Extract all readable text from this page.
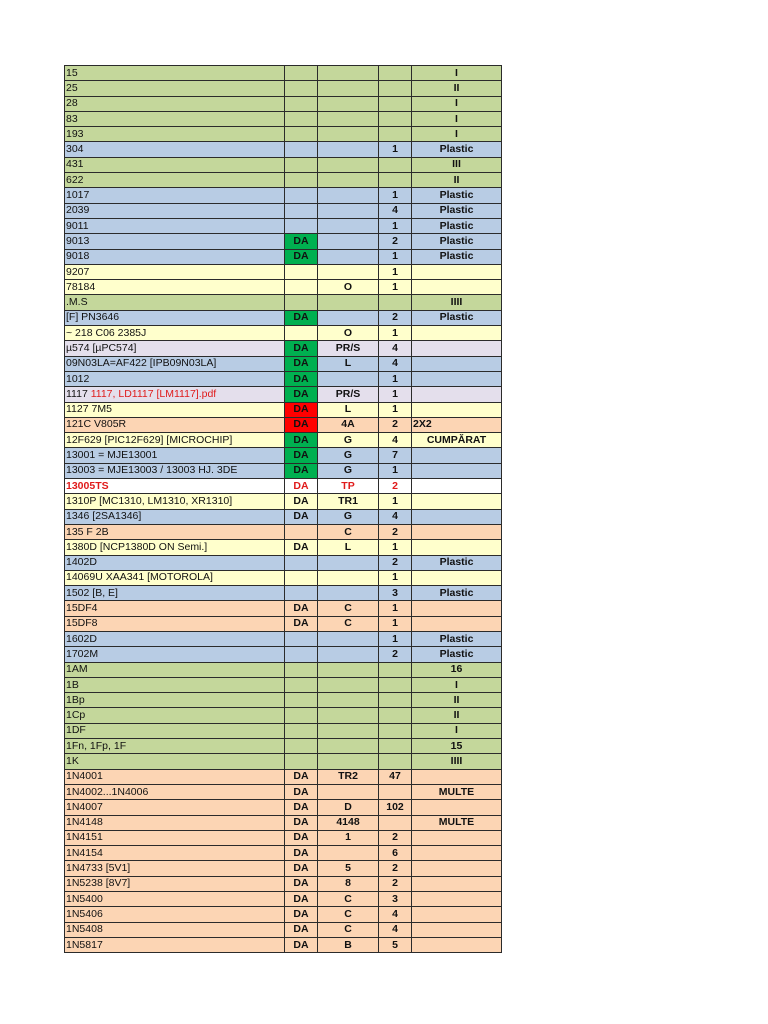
15				I
25				II
28				I
83				I
193				I
304			1	Plastic
431				III
622				II
1017			1	Plastic
2039			4	Plastic
9011			1	Plastic
9013	DA		2	Plastic
9018	DA		1	Plastic
9207			1	
78184		O	1	
.M.S				IIII
[F] PN3646	DA		2	Plastic
~ 218 C06 2385J		O	1	
µ574 [µPC574]	DA	PR/S	4	
09N03LA=AF422 [IPB09N03LA]	DA	L	4	
1012	DA		1	
1117 1117, LD1117 [LM1117].pdf	DA	PR/S	1	
1127 7M5	DA	L	1	
121C V805R	DA	4A	2	2X2
12F629 [PIC12F629] [MICROCHIP]	DA	G	4	CUMPĂRAT
13001 = MJE13001	DA	G	7	
13003 = MJE13003 / 13003 HJ. 3DE	DA	G	1	
13005TS	DA	TP	2	
1310P [MC1310, LM1310, XR1310]	DA	TR1	1	
1346 [2SA1346]	DA	G	4	
135 F 2B		C	2	
1380D [NCP1380D ON Semi.]	DA	L	1	
1402D			2	Plastic
14069U XAA341 [MOTOROLA]			1	
1502 [B, E]			3	Plastic
15DF4	DA	C	1	
15DF8	DA	C	1	
1602D			1	Plastic
1702M			2	Plastic
1AM				16
1B				I
1Bp				II
1Cp				II
1DF				I
1Fn, 1Fp, 1F				15
1K				IIII
1N4001	DA	TR2	47	
1N4002...1N4006	DA			MULTE
1N4007	DA	D	102	
1N4148	DA	4148		MULTE
1N4151	DA	1	2	
1N4154	DA		6	
1N4733 [5V1]	DA	5	2	
1N5238 [8V7]	DA	8	2	
1N5400	DA	C	3	
1N5406	DA	C	4	
1N5408	DA	C	4	
1N5817	DA	B	5	
